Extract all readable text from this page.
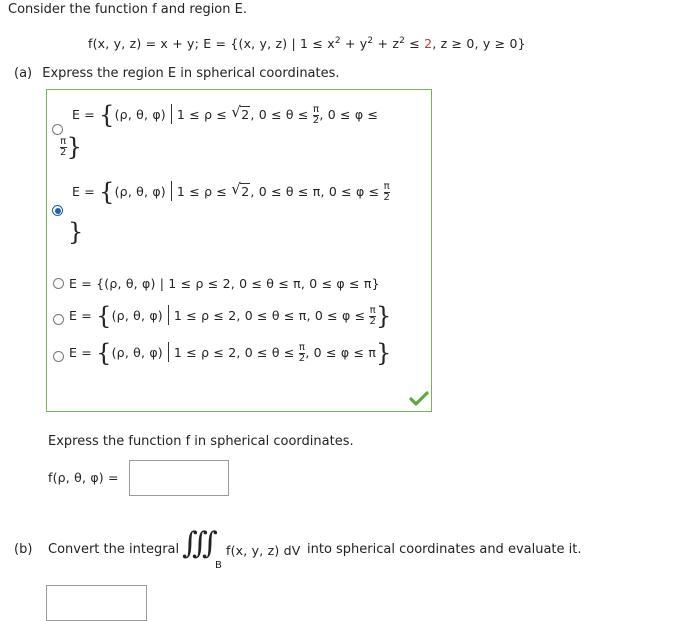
Consider the function f and region E.
f(x, y, z) = x + y; E = {(x, y, z) | $1 \le x^2 + y^2 + z^2 \le 2$, z ≥ 0, y ≥ 0}
(a) Express the region E in spherical coordinates.
E = {(ρ, θ, φ) 1 ≤ ρ ≤ √ 2, $0 \le \theta \le \frac{\pi}{2}$ , 0 ≤ φ ≤
$\frac{\pi}{2}$ }
E = {(ρ, θ, φ) 1 ≤ ρ ≤ √ 2, 0 ≤ θ ≤ π, $0 \le \varphi \le \frac{\pi}{2}$
}
E = {(ρ, θ, φ) | 1 ≤ ρ ≤ 2, 0 ≤ θ ≤ π, 0 ≤ φ ≤ π}
E = {(ρ, θ, φ) 1 ≤ ρ ≤ 2, 0 ≤ θ ≤ π, $0 \le \varphi \le \frac{\pi}{2}$ }
E = {(ρ, θ, φ) 1 ≤ ρ ≤ 2, $0 \le \theta \le \frac{\pi}{2}$ , 0 ≤ φ ≤ π}
Express the function f in spherical coordinates.
f(ρ, θ, φ) =
(b) Convert the integral ∭
B
f(x, y, z) dV into spherical coordinates and evaluate it.
